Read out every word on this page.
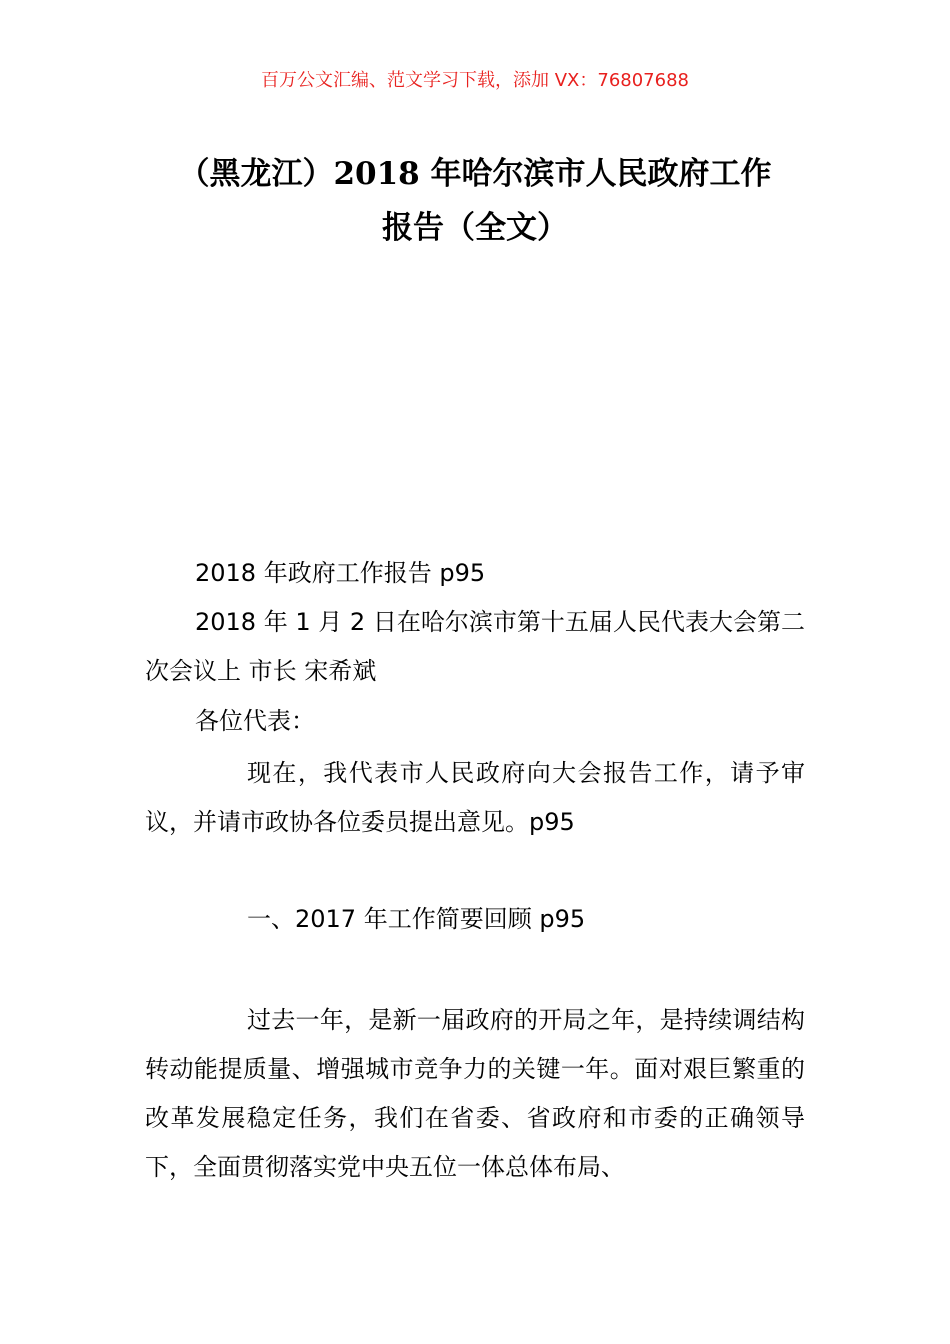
百万公文汇编、范文学习下载，添加 VX：76807688
（黑龙江）2018 年哈尔滨市人民政府工作
报告（全文）

2018 年政府工作报告 p95

2018 年 1 月 2 日在哈尔滨市第十五届人民代表大会第二次会议上 市长 宋希斌

各位代表：

现在，我代表市人民政府向大会报告工作，请予审议，并请市政协各位委员提出意见。p95

一、2017 年工作简要回顾 p95

过去一年，是新一届政府的开局之年，是持续调结构转动能提质量、增强城市竞争力的关键一年。面对艰巨繁重的改革发展稳定任务，我们在省委、省政府和市委的正确领导下，全面贯彻落实党中央五位一体总体布局、
